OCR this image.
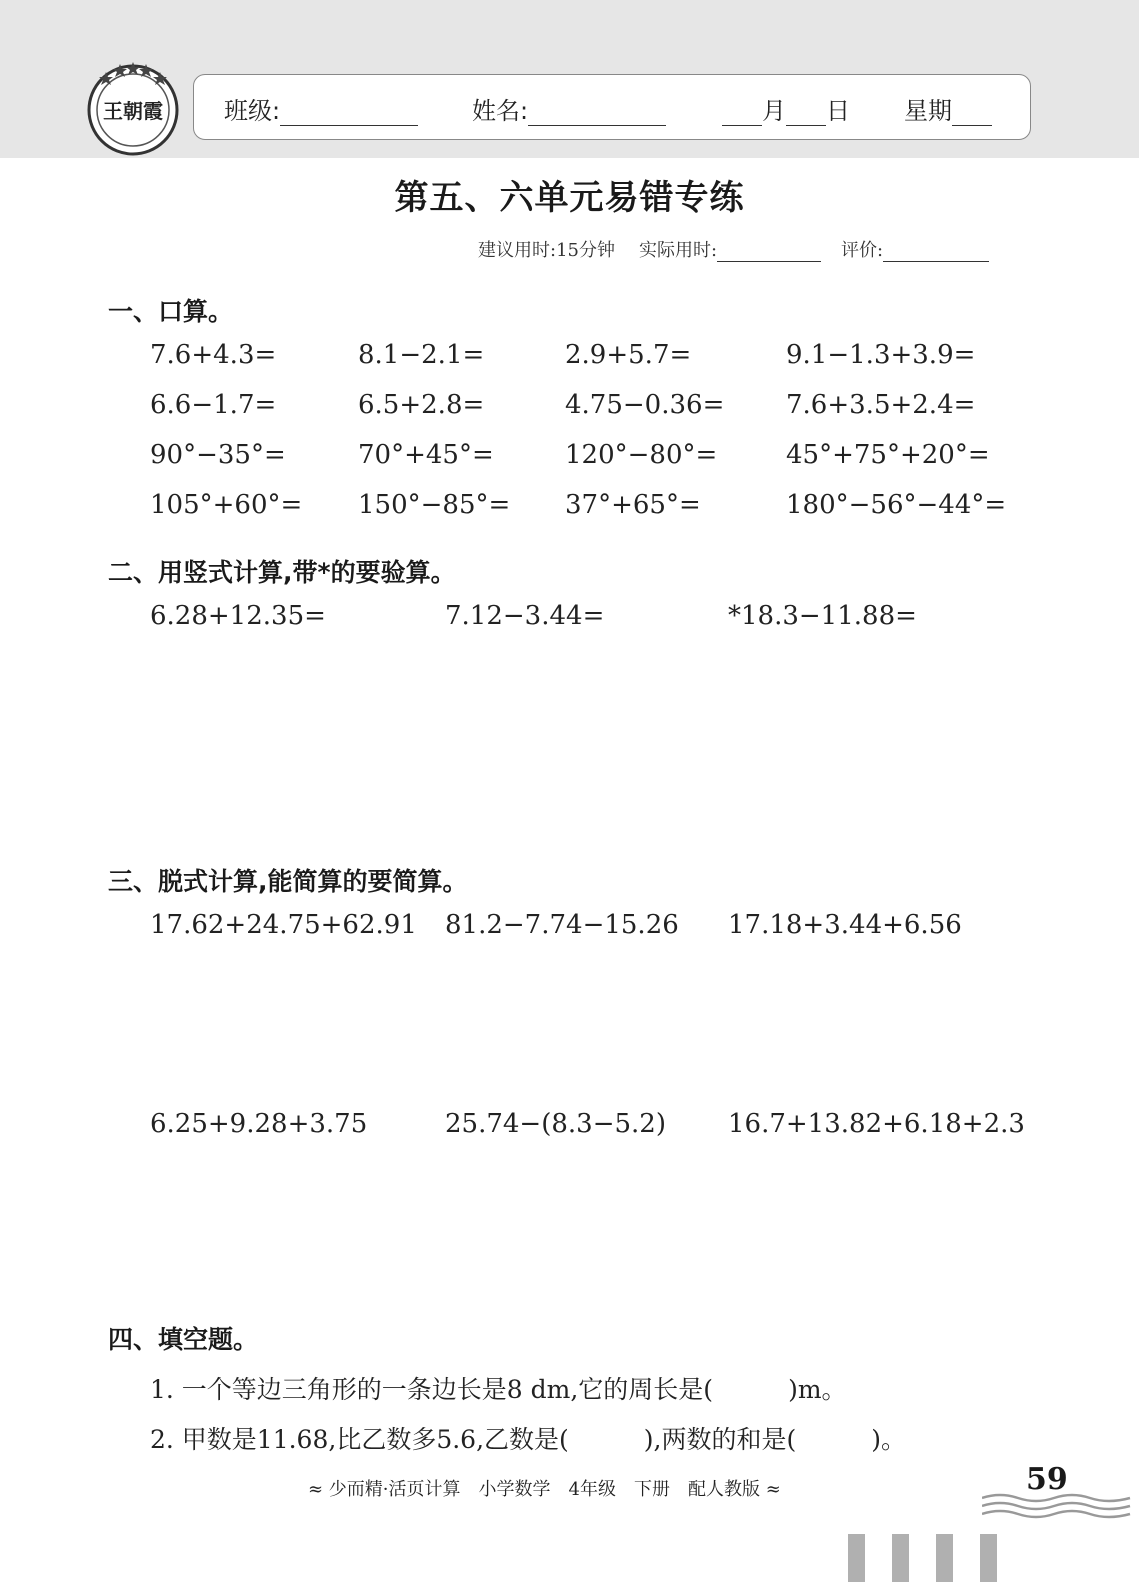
王朝霞	班级:	姓名:	月 日 星期
第五、六单元易错专练
建议用时:15分钟 实际用时:	评价:
一、口算。
7.6+4.3=	8.1−2.1=	2.9+5.7=	9.1−1.3+3.9=
6.6−1.7=	6.5+2.8=	4.75−0.36= 7.6+3.5+2.4=
90°−35°=	70°+45°=	120°−80°=	45°+75°+20°=
105°+60°= 150°−85°= 37°+65°=	180°−56°−44°=
二、用竖式计算,带*的要验算。
6.28+12.35=	7.12−3.44=	*18.3−11.88=
三、脱式计算,能简算的要简算。
17.62+24.75+62.91 81.2−7.74−15.26 17.18+3.44+6.56
6.25+9.28+3.75	25.74−(8.3−5.2) 16.7+13.82+6.18+2.3
四、填空题。
1. 一个等边三角形的一条边长是8 dm,它的周长是(　　　)m。
2. 甲数是11.68,比乙数多5.6,乙数是(　　　),两数的和是(　　　)。
≈ 少而精·活页计算　小学数学　4年级　下册　配人教版 ≈	59
